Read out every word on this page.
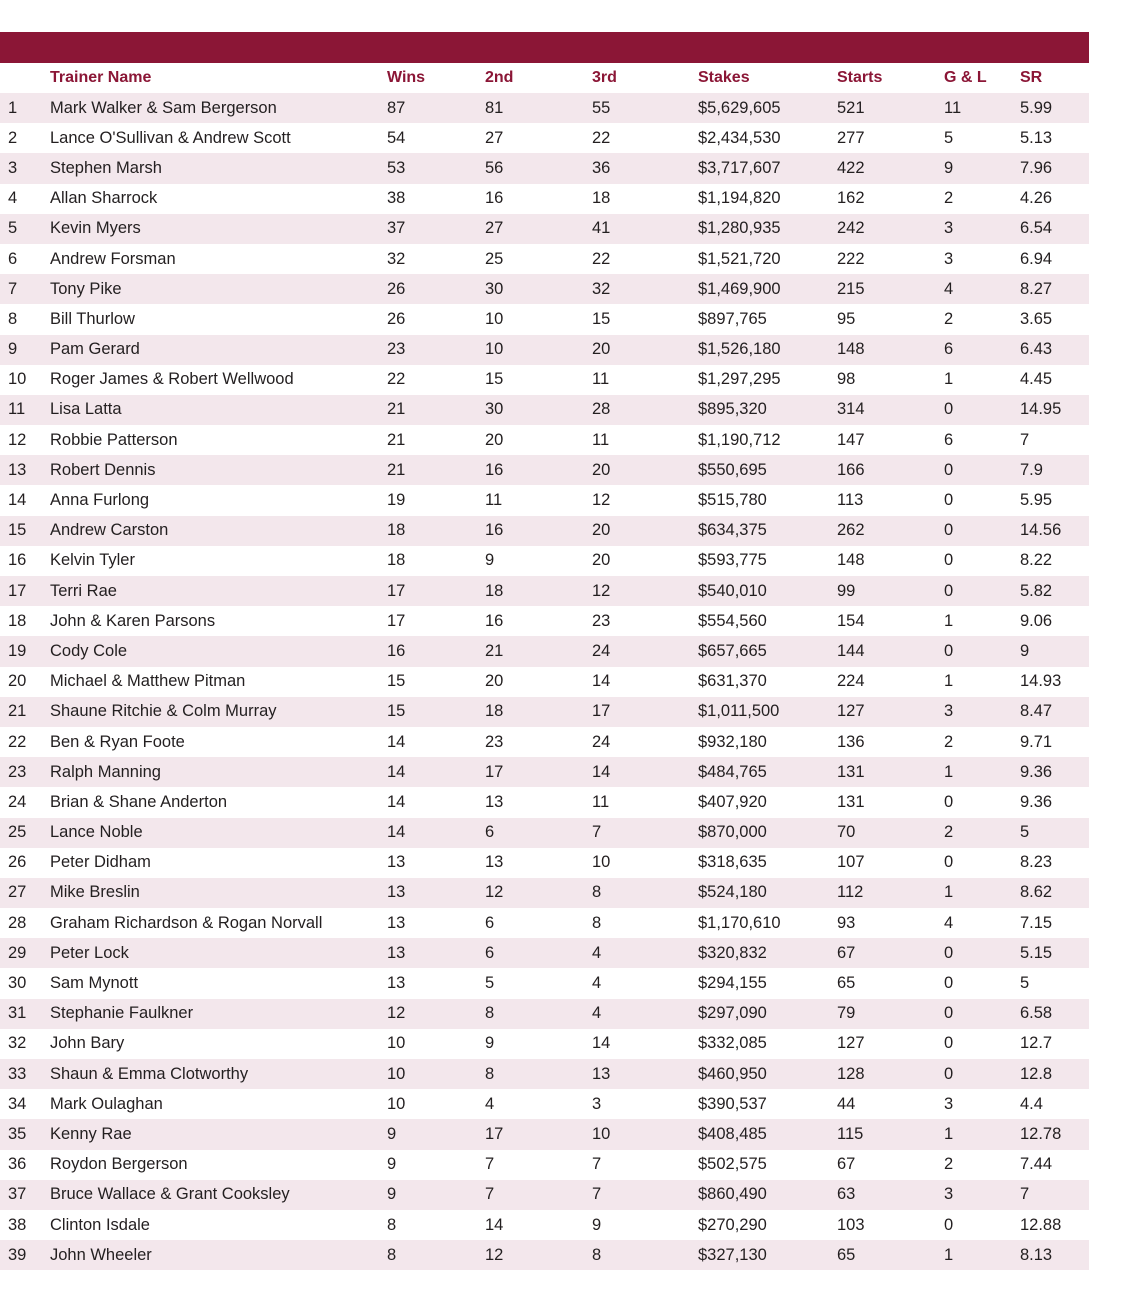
	Trainer Name	Wins	2nd	3rd	Stakes	Starts	G & L	SR
1	Mark Walker & Sam Bergerson	87	81	55	$5,629,605	521	11	5.99
2	Lance O'Sullivan & Andrew Scott	54	27	22	$2,434,530	277	5	5.13
3	Stephen Marsh	53	56	36	$3,717,607	422	9	7.96
4	Allan Sharrock	38	16	18	$1,194,820	162	2	4.26
5	Kevin Myers	37	27	41	$1,280,935	242	3	6.54
6	Andrew Forsman	32	25	22	$1,521,720	222	3	6.94
7	Tony Pike	26	30	32	$1,469,900	215	4	8.27
8	Bill Thurlow	26	10	15	$897,765	95	2	3.65
9	Pam Gerard	23	10	20	$1,526,180	148	6	6.43
10	Roger James & Robert Wellwood	22	15	11	$1,297,295	98	1	4.45
11	Lisa Latta	21	30	28	$895,320	314	0	14.95
12	Robbie Patterson	21	20	11	$1,190,712	147	6	7
13	Robert Dennis	21	16	20	$550,695	166	0	7.9
14	Anna Furlong	19	11	12	$515,780	113	0	5.95
15	Andrew Carston	18	16	20	$634,375	262	0	14.56
16	Kelvin Tyler	18	9	20	$593,775	148	0	8.22
17	Terri Rae	17	18	12	$540,010	99	0	5.82
18	John & Karen Parsons	17	16	23	$554,560	154	1	9.06
19	Cody Cole	16	21	24	$657,665	144	0	9
20	Michael & Matthew Pitman	15	20	14	$631,370	224	1	14.93
21	Shaune Ritchie & Colm Murray	15	18	17	$1,011,500	127	3	8.47
22	Ben & Ryan Foote	14	23	24	$932,180	136	2	9.71
23	Ralph Manning	14	17	14	$484,765	131	1	9.36
24	Brian & Shane Anderton	14	13	11	$407,920	131	0	9.36
25	Lance Noble	14	6	7	$870,000	70	2	5
26	Peter Didham	13	13	10	$318,635	107	0	8.23
27	Mike Breslin	13	12	8	$524,180	112	1	8.62
28	Graham Richardson & Rogan Norvall	13	6	8	$1,170,610	93	4	7.15
29	Peter Lock	13	6	4	$320,832	67	0	5.15
30	Sam Mynott	13	5	4	$294,155	65	0	5
31	Stephanie Faulkner	12	8	4	$297,090	79	0	6.58
32	John Bary	10	9	14	$332,085	127	0	12.7
33	Shaun & Emma Clotworthy	10	8	13	$460,950	128	0	12.8
34	Mark Oulaghan	10	4	3	$390,537	44	3	4.4
35	Kenny Rae	9	17	10	$408,485	115	1	12.78
36	Roydon Bergerson	9	7	7	$502,575	67	2	7.44
37	Bruce Wallace & Grant Cooksley	9	7	7	$860,490	63	3	7
38	Clinton Isdale	8	14	9	$270,290	103	0	12.88
39	John Wheeler	8	12	8	$327,130	65	1	8.13
